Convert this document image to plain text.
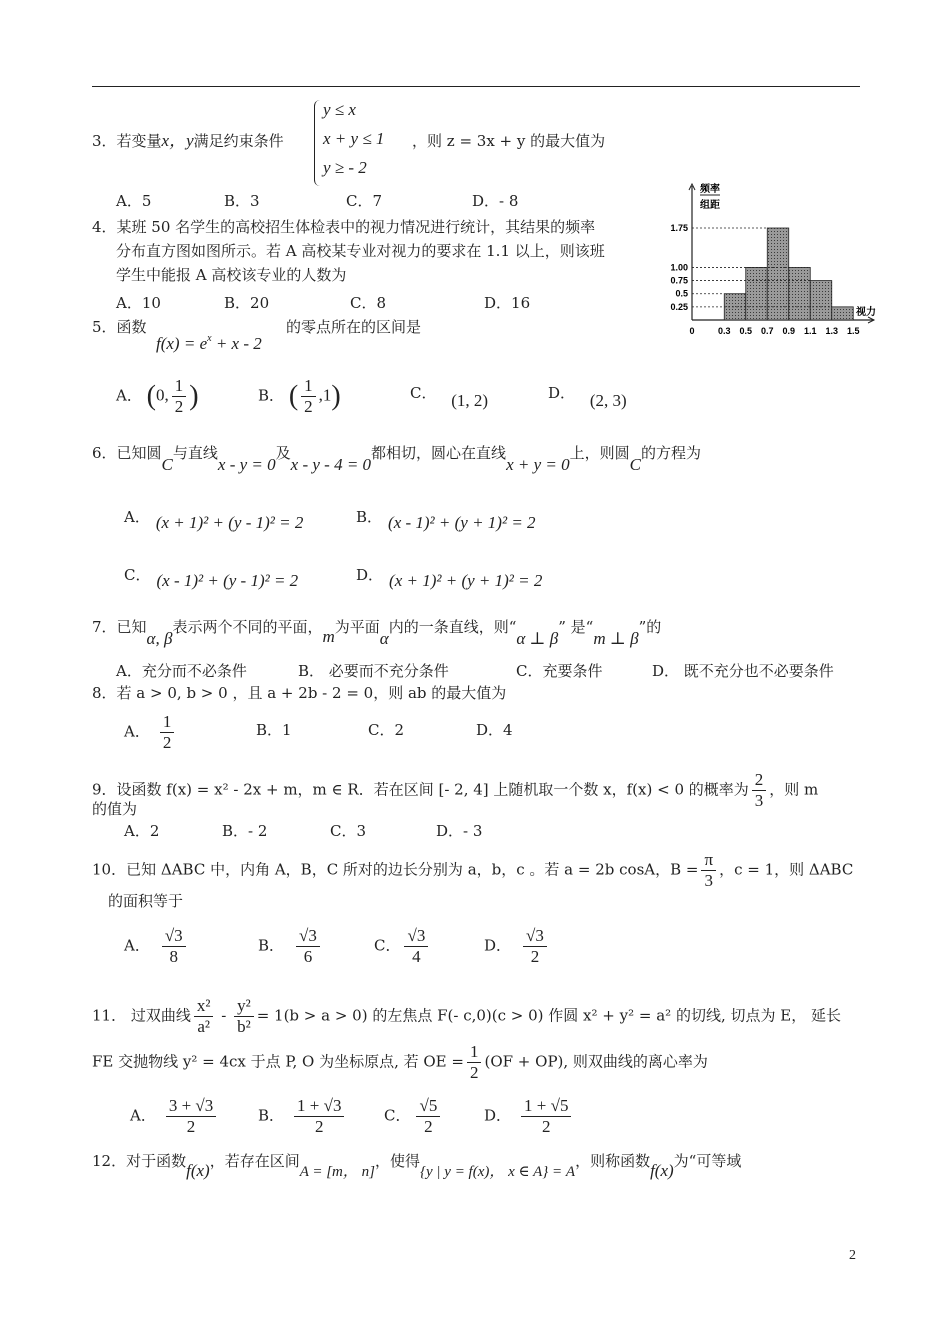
3．若变量x，y满足约束条件
y ≤ x
x + y ≤ 1
y ≥ - 2
，则 z = 3x + y 的最大值为
A．5	B．3	C．7	D．- 8
4．某班 50 名学生的高校招生体检表中的视力情况进行统计，其结果的频率
分布直方图如图所示。若 A 高校某专业对视力的要求在 1.1 以上，则该班
学生中能报 A 高校该专业的人数为
A．10	B．20	C．8	D．16
频率
组距
视力
1.75
1.00
0.75
0.5
0.25
0	0.3 0.5 0.7 0.9 1.1 1.3 1.5
5．函数
$f(x) = e^x + x - 2$
的零点所在的区间是
A． (0, $\frac{1}{2}$ )	B． ( $\frac{1}{2} ,1$)	C． (1, 2)	D． (2, 3)
6．已知圆C与直线x - y = 0及x - y - 4 = 0都相切，圆心在直线x + y = 0上，则圆C的方程为
A． (x + 1)² + (y - 1)² = 2	B． (x - 1)² + (y + 1)² = 2
C． (x - 1)² + (y - 1)² = 2	D． (x + 1)² + (y + 1)² = 2
7．已知α, β表示两个不同的平面，m为平面α内的一条直线，则“α ⊥ β” 是“m ⊥ β”的
A．充分而不必条件	B． 必要而不充分条件	C．充要条件	D． 既不充分也不必要条件
8．若 a > 0, b > 0 ，且 a + 2b - 2 = 0，则 ab 的最大值为
A． $\frac{1}{2}$	B．1	C．2	D．4
9．设函数 f(x) = x² - 2x + m，m ∈ R．若在区间 [- 2, 4] 上随机取一个数 x，f(x) < 0 的概率为 $\frac{2}{3}$ ，则 m
的值为
A．2	B．- 2	C．3	D．- 3
10．已知 ΔABC 中，内角 A，B，C 所对的边长分别为 a，b，c 。若 a = 2b cosA，$B = \frac{\pi}{3}$ ，c = 1，则 ΔABC
的面积等于
A． $\frac{√3}{8}$	B． $\frac{√3}{6}$	C． $\frac{√3}{4}$	D． $\frac{√3}{2}$
11． 过双曲线 $\frac{\text{x²}}{\text{a²}} - \frac{\text{y²}}{\text{b²}} = 1(b > a > 0)$ 的左焦点 F(- c,0)(c > 0) 作圆 x² + y² = a² 的切线, 切点为 E， 延长
FE 交抛物线 y² = 4cx 于点 P, O 为坐标原点, 若 OE = $\frac{1}{2} (OF + OP)$, 则双曲线的离心率为
A． $\frac{3 + √3}{2}$	B． $\frac{1 + √3}{2}$	C． $\frac{√5}{2}$	D． $\frac{1 + √5}{2}$
12．对于函数f(x)，若存在区间A = [m， n]，使得{y | y = f(x)， x ∈ A} = A，则称函数f(x)为“可等域
2
